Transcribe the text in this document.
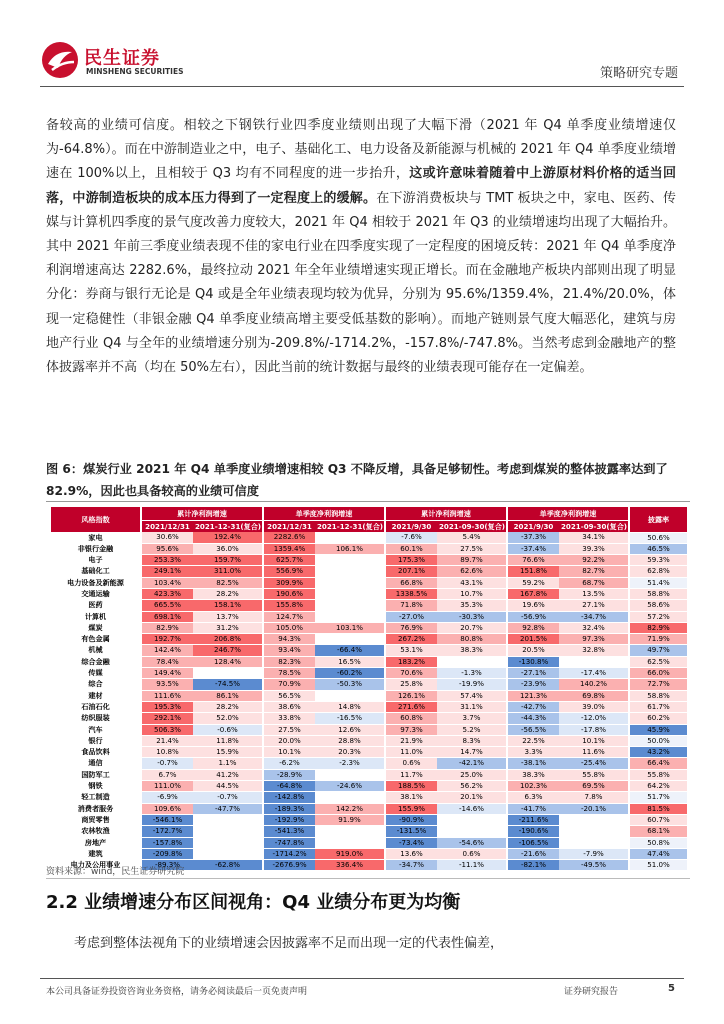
民生证券
MINSHENG SECURITIES	策略研究专题
备较高的业绩可信度。相较之下钢铁行业四季度业绩则出现了大幅下滑（2021 年 Q4 单季度业绩增速仅为-64.8%）。而在中游制造业之中，电子、基础化工、电力设备及新能源与机械的 2021 年 Q4 单季度业绩增速在 100%以上，且相较于 Q3 均有不同程度的进一步抬升，这或许意味着随着中上游原材料价格的适当回落，中游制造板块的成本压力得到了一定程度上的缓解。在下游消费板块与 TMT 板块之中，家电、医药、传媒与计算机四季度的景气度改善力度较大，2021 年 Q4 相较于 2021 年 Q3 的业绩增速均出现了大幅抬升。其中 2021 年前三季度业绩表现不佳的家电行业在四季度实现了一定程度的困境反转：2021 年 Q4 单季度净利润增速高达 2282.6%，最终拉动 2021 年全年业绩增速实现正增长。而在金融地产板块内部则出现了明显分化：券商与银行无论是 Q4 或是全年业绩表现均较为优异，分别为 95.6%/1359.4%，21.4%/20.0%，体现一定稳健性（非银金融 Q4 单季度业绩高增主要受低基数的影响）。而地产链则景气度大幅恶化，建筑与房地产行业 Q4 与全年的业绩增速分别为-209.8%/-1714.2%，-157.8%/-747.8%。当然考虑到金融地产的整体披露率并不高（均在 50%左右），因此当前的统计数据与最终的业绩表现可能存在一定偏差。
图 6：煤炭行业 2021 年 Q4 单季度业绩增速相较 Q3 不降反增，具备足够韧性。考虑到煤炭的整体披露率达到了 82.9%，因此也具备较高的业绩可信度
风格指数	累计净利润增速		单季度净利润增速		累计净利润增速		单季度净利润增速		披露率
	2021/12/31	2021-12-31(复合)	2021/12/31	2021-12-31(复合)	2021/9/30	2021-09-30(复合)	2021/9/30	2021-09-30(复合)	
家电	30.6%	192.4%	2282.6%		-7.6%	5.4%	-37.3%	34.1%	50.6%
非银行金融	95.6%	36.0%	1359.4%	106.1%	60.1%	27.5%	-37.4%	39.3%	46.5%
电子	253.3%	159.7%	625.7%		175.3%	89.7%	76.6%	92.2%	59.3%
基础化工	249.1%	311.0%	556.9%		207.1%	62.6%	151.8%	82.7%	62.8%
电力设备及新能源	103.4%	82.5%	309.9%		66.8%	43.1%	59.2%	68.7%	51.4%
交通运输	423.3%	28.2%	190.6%		1338.5%	10.7%	167.8%	13.5%	58.8%
医药	665.5%	158.1%	155.8%		71.8%	35.3%	19.6%	27.1%	58.6%
计算机	698.1%	13.7%	124.7%		-27.0%	-30.3%	-56.9%	-34.7%	57.2%
煤炭	82.9%	31.2%	105.0%	103.1%	76.9%	20.7%	92.8%	32.4%	82.9%
有色金属	192.7%	206.8%	94.3%		267.2%	80.8%	201.5%	97.3%	71.9%
机械	142.4%	246.7%	93.4%	-66.4%	53.1%	38.3%	20.5%	32.8%	49.7%
综合金融	78.4%	128.4%	82.3%	16.5%	183.2%		-130.8%		62.5%
传媒	149.4%		78.5%	-60.2%	70.6%	-1.3%	-27.1%	-17.4%	66.0%
综合	93.5%	-74.5%	70.9%	-50.3%	25.8%	-19.9%	-23.9%	140.2%	72.7%
建材	111.6%	86.1%	56.5%		126.1%	57.4%	121.3%	69.8%	58.8%
石油石化	195.3%	28.2%	38.6%	14.8%	271.6%	31.1%	-42.7%	39.0%	61.7%
纺织服装	292.1%	52.0%	33.8%	-16.5%	60.8%	3.7%	-44.3%	-12.0%	60.2%
汽车	506.3%	-0.6%	27.5%	12.6%	97.3%	5.2%	-56.5%	-17.8%	45.9%
银行	21.4%	11.8%	20.0%	28.8%	21.9%	8.3%	22.5%	10.1%	50.0%
食品饮料	10.8%	15.9%	10.1%	20.3%	11.0%	14.7%	3.3%	11.6%	43.2%
通信	-0.7%	1.1%	-6.2%	-2.3%	0.6%	-42.1%	-38.1%	-25.4%	66.4%
国防军工	6.7%	41.2%	-28.9%		11.7%	25.0%	38.3%	55.8%	55.8%
钢铁	111.0%	44.5%	-64.8%	-24.6%	188.5%	56.2%	102.3%	69.5%	64.2%
轻工制造	-6.9%	-0.7%	-142.8%		38.1%	20.1%	6.3%	7.8%	51.7%
消费者服务	109.6%	-47.7%	-189.3%	142.2%	155.9%	-14.6%	-41.7%	-20.1%	81.5%
商贸零售	-546.1%		-192.9%	91.9%	-90.9%		-211.6%		60.7%
农林牧渔	-172.7%		-541.3%		-131.5%		-190.6%		68.1%
房地产	-157.8%		-747.8%		-73.4%	-54.6%	-106.5%		50.8%
建筑	-209.8%		-1714.2%	919.0%	13.6%	0.6%	-21.6%	-7.9%	47.4%
电力及公用事业	-89.3%	-62.8%	-2676.9%	336.4%	-34.7%	-11.1%	-82.1%	-49.5%	51.0%
资料来源：wind，民生证券研究院
2.2 业绩增速分布区间视角：Q4 业绩分布更为均衡
考虑到整体法视角下的业绩增速会因披露率不足而出现一定的代表性偏差，
本公司具备证券投资咨询业务资格，请务必阅读最后一页免责声明	证券研究报告	5
